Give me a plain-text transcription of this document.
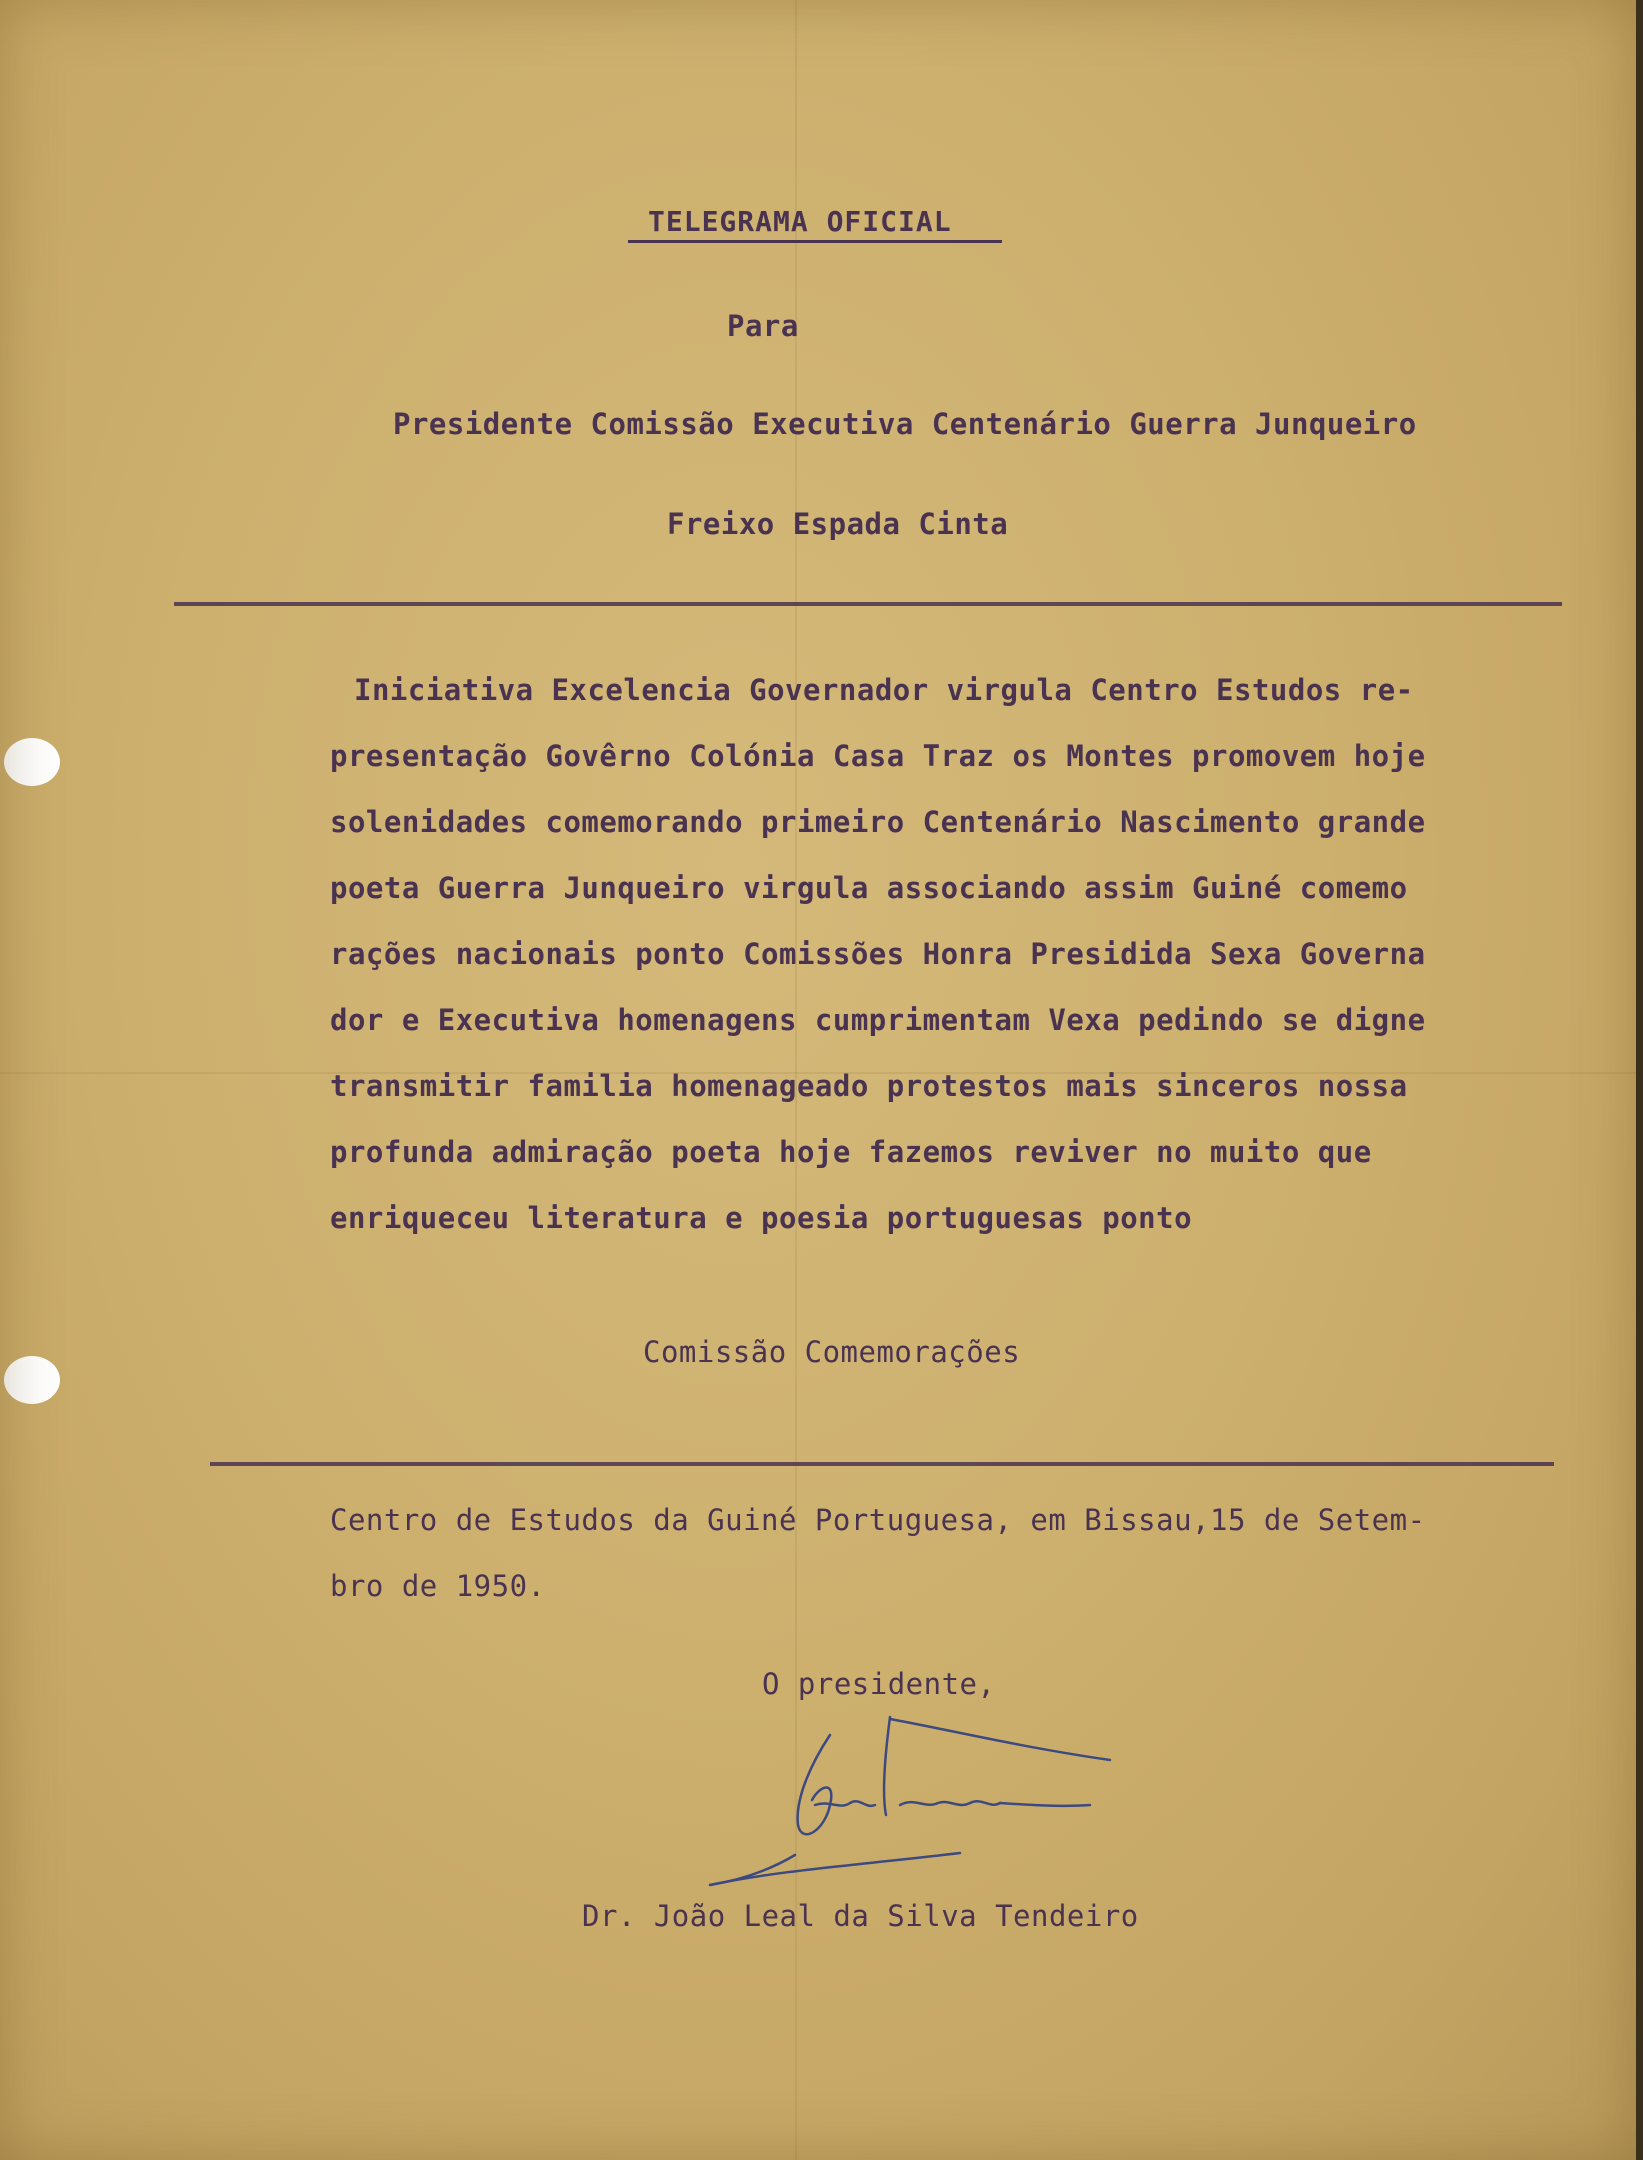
TELEGRAMA OFICIAL
Para
Presidente Comissão Executiva Centenário Guerra Junqueiro
Freixo Espada Cinta
Iniciativa Excelencia Governador virgula Centro Estudos re-
presentação Govêrno Colónia Casa Traz os Montes promovem hoje
solenidades comemorando primeiro Centenário Nascimento grande
poeta Guerra Junqueiro virgula associando assim Guiné comemo
rações nacionais ponto Comissões Honra Presidida Sexa Governa
dor e Executiva homenagens cumprimentam Vexa pedindo se digne
transmitir familia homenageado protestos mais sinceros nossa
profunda admiração poeta hoje fazemos reviver no muito que
enriqueceu literatura e poesia portuguesas ponto
Comissão Comemorações
Centro de Estudos da Guiné Portuguesa, em Bissau,15 de Setem-
bro de 1950.
O presidente,
Dr. João Leal da Silva Tendeiro
